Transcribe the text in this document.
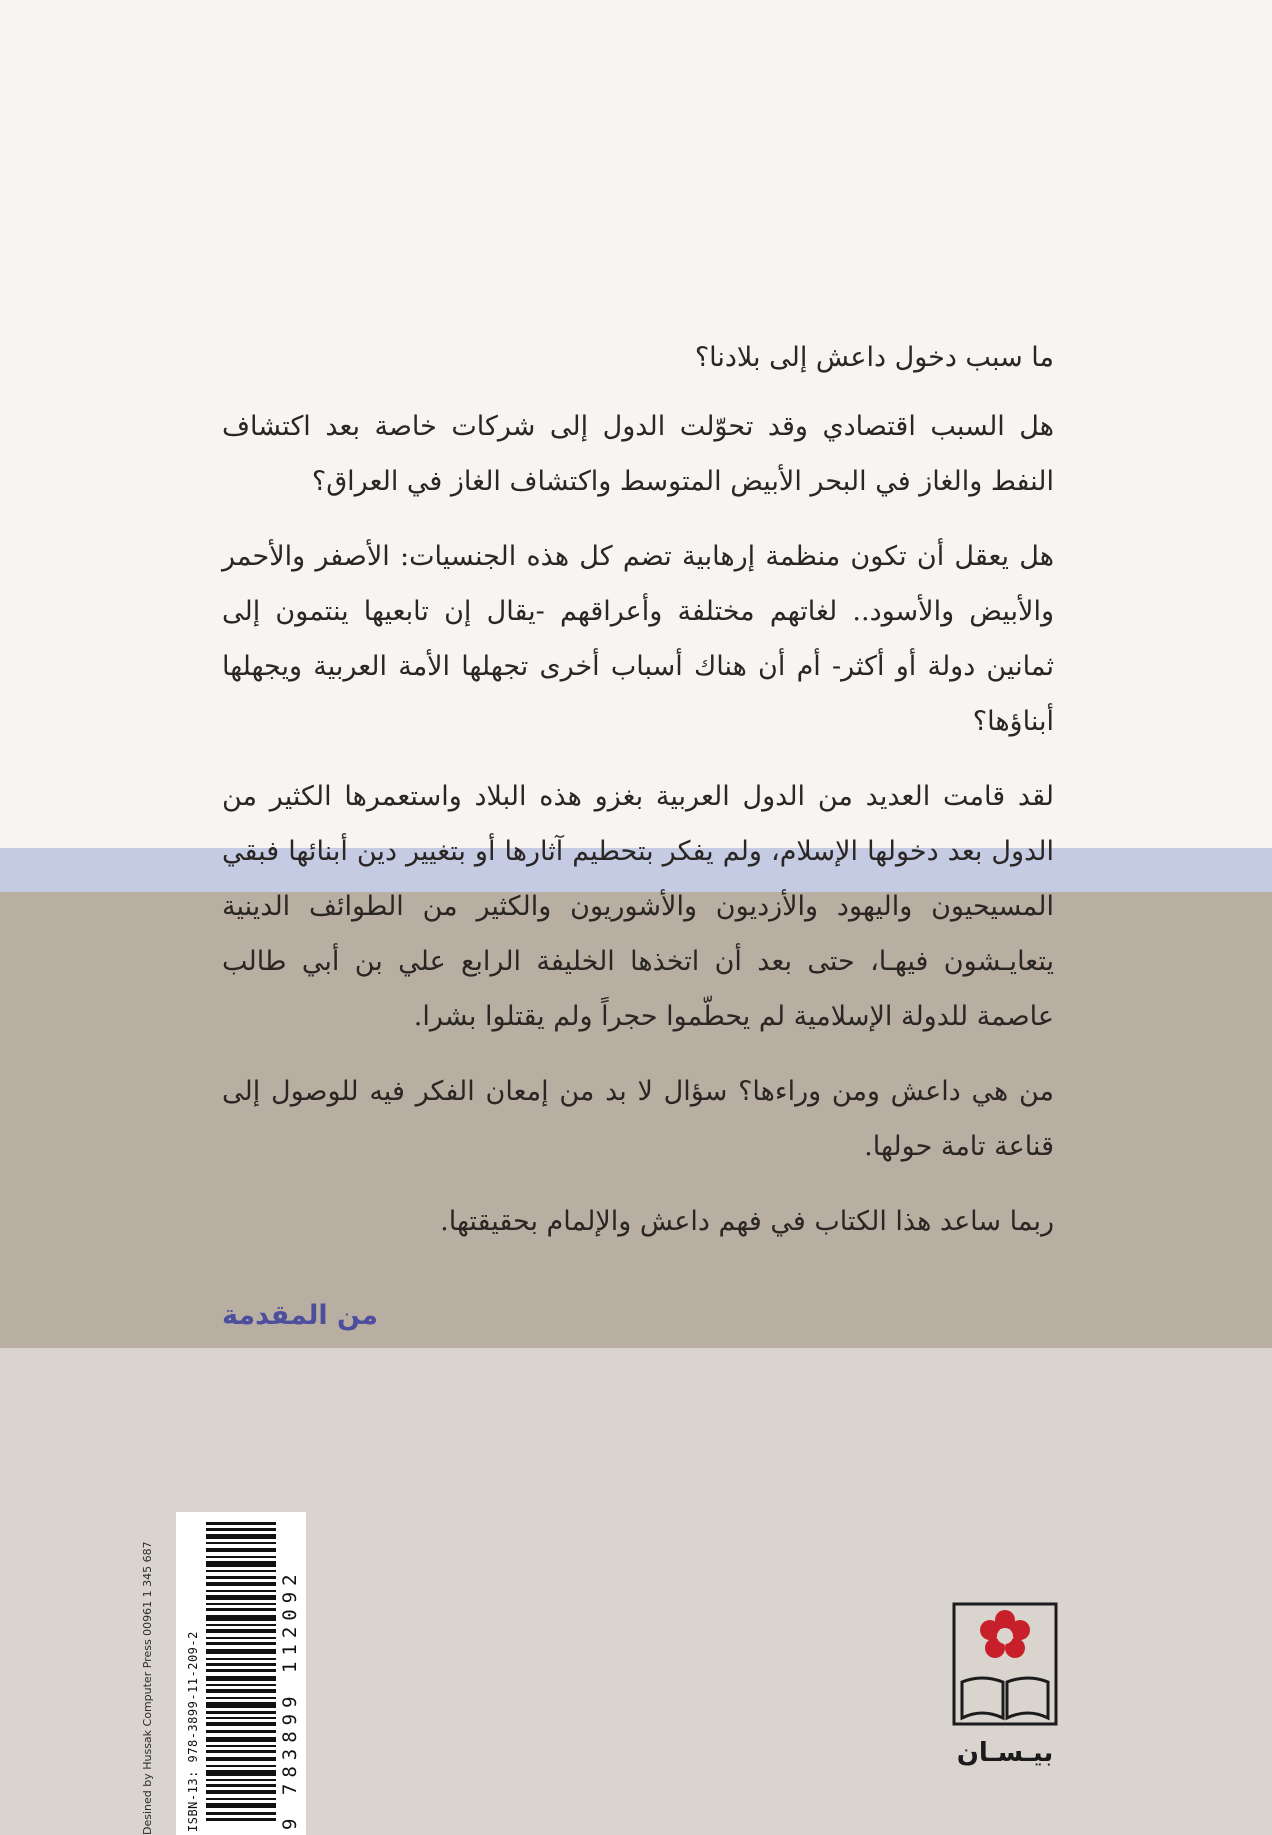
ما سبب دخول داعش إلى بلادنا؟

هل السبب اقتصادي وقد تحوّلت الدول إلى شركات خاصة بعد اكتشاف النفط والغاز في البحر الأبيض المتوسط واكتشاف الغاز في العراق؟

هل يعقل أن تكون منظمة إرهابية تضم كل هذه الجنسيات: الأصفر والأحمر والأبيض والأسود.. لغاتهم مختلفة وأعراقهم -يقال إن تابعيها ينتمون إلى ثمانين دولة أو أكثر- أم أن هناك أسباب أخرى تجهلها الأمة العربية ويجهلها أبناؤها؟

لقد قامت العديد من الدول العربية بغزو هذه البلاد واستعمرها الكثير من الدول بعد دخولها الإسلام، ولم يفكر بتحطيم آثارها أو بتغيير دين أبنائها فبقي المسيحيون واليهود والأزديون والأشوريون والكثير من الطوائف الدينية يتعايـشون فيهـا، حتى بعد أن اتخذها الخليفة الرابع علي بن أبي طالب عاصمة للدولة الإسلامية لم يحطّموا حجراً ولم يقتلوا بشرا.

من هي داعش ومن وراءها؟ سؤال لا بد من إمعان الفكر فيه للوصول إلى قناعة تامة حولها.

ربما ساعد هذا الكتاب في فهم داعش والإلمام بحقيقتها.

من المقدمة
Desined by Hussak Computer Press 00961 1 345 687	ISBN-13: 978-3899-11-209-2	9 783899 112092	بيـسـان
